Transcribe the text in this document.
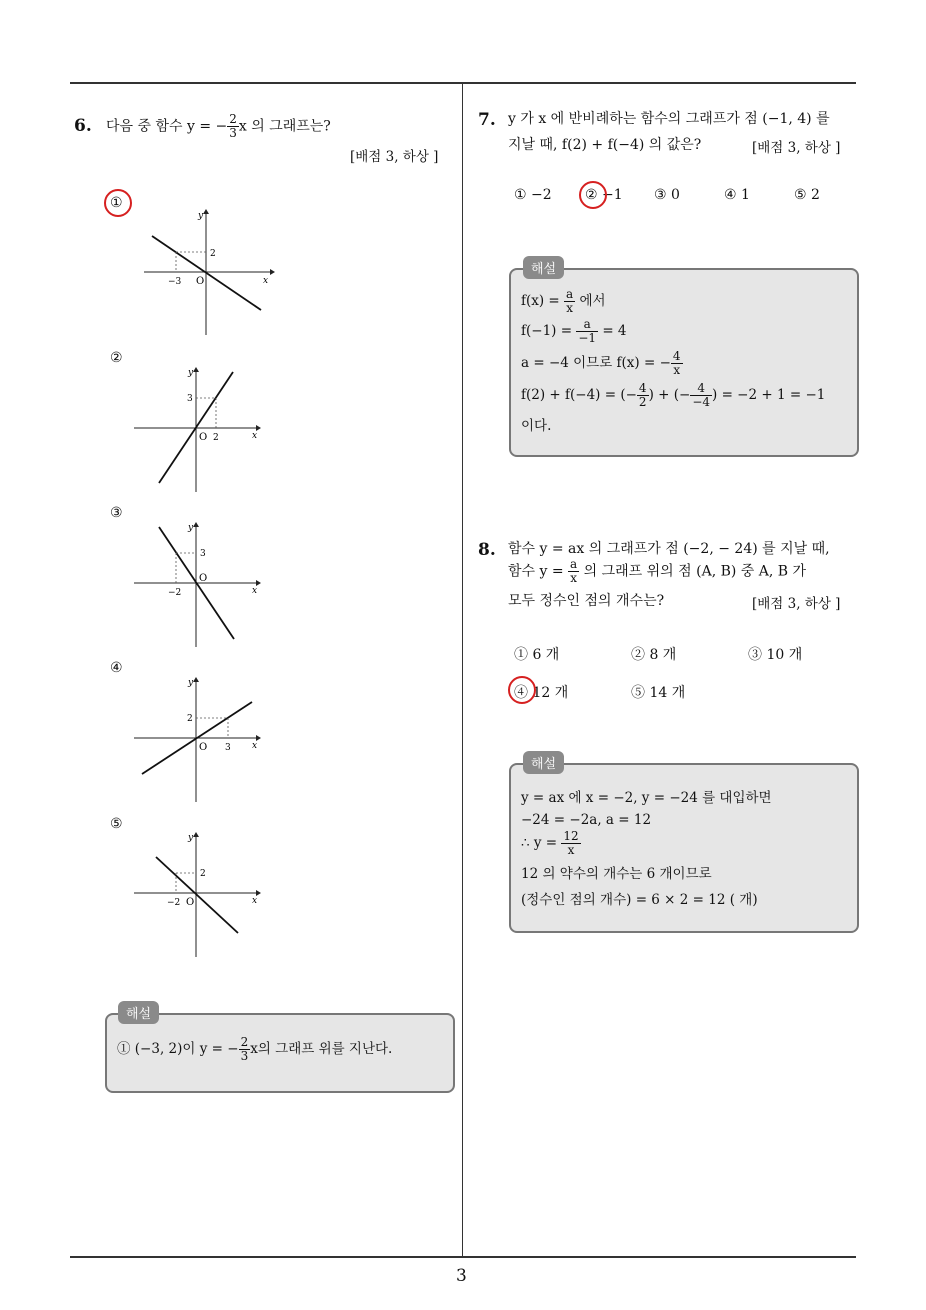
6. 다음 중 함수 y = − $\frac{2}{3}$ x 의 그래프는?
[배점 3, 하상 ]
①
②
③
④
⑤
−3
2
O	x
y
2
3
O	x
y
−2
3
O
x
y
3
2
O	x
y
−2
2
O	x
y
해설
① (−3, 2)이 y = − $\frac{2}{3}$ x의 그래프 위를 지난다.
7. y 가 x 에 반비례하는 함수의 그래프가 점 (−1, 4) 를
지날 때, f(2) + f(−4) 의 값은?	[배점 3, 하상 ]
① −2 ② −1 ③ 0	④ 1	⑤ 2
해설
$f(x) = \frac{a}{x}$ 에서
$f(-1) = \frac{a}{-1} = 4$
a = −4 이므로 f(x) = − $\frac{4}{x}$
f(2) + f(−4) = (− $\frac{4}{2}$ ) + (− $\frac{4}{-4}$ ) = −2 + 1 = −1
이다.
8. 함수 y = ax 의 그래프가 점 (−2, − 24) 를 지날 때,
함수 $y = \frac{a}{x}$ 의 그래프 위의 점 (A, B) 중 A, B 가
모두 정수인 점의 개수는?	[배점 3, 하상 ]
① 6 개	② 8 개	③ 10 개
④ 12 개	⑤ 14 개
해설
y = ax 에 x = −2, y = −24 를 대입하면
−24 = −2a, a = 12
∴ $y = \frac{12}{x}$
12 의 약수의 개수는 6 개이므로
(정수인 점의 개수) = 6 × 2 = 12 ( 개)
3
